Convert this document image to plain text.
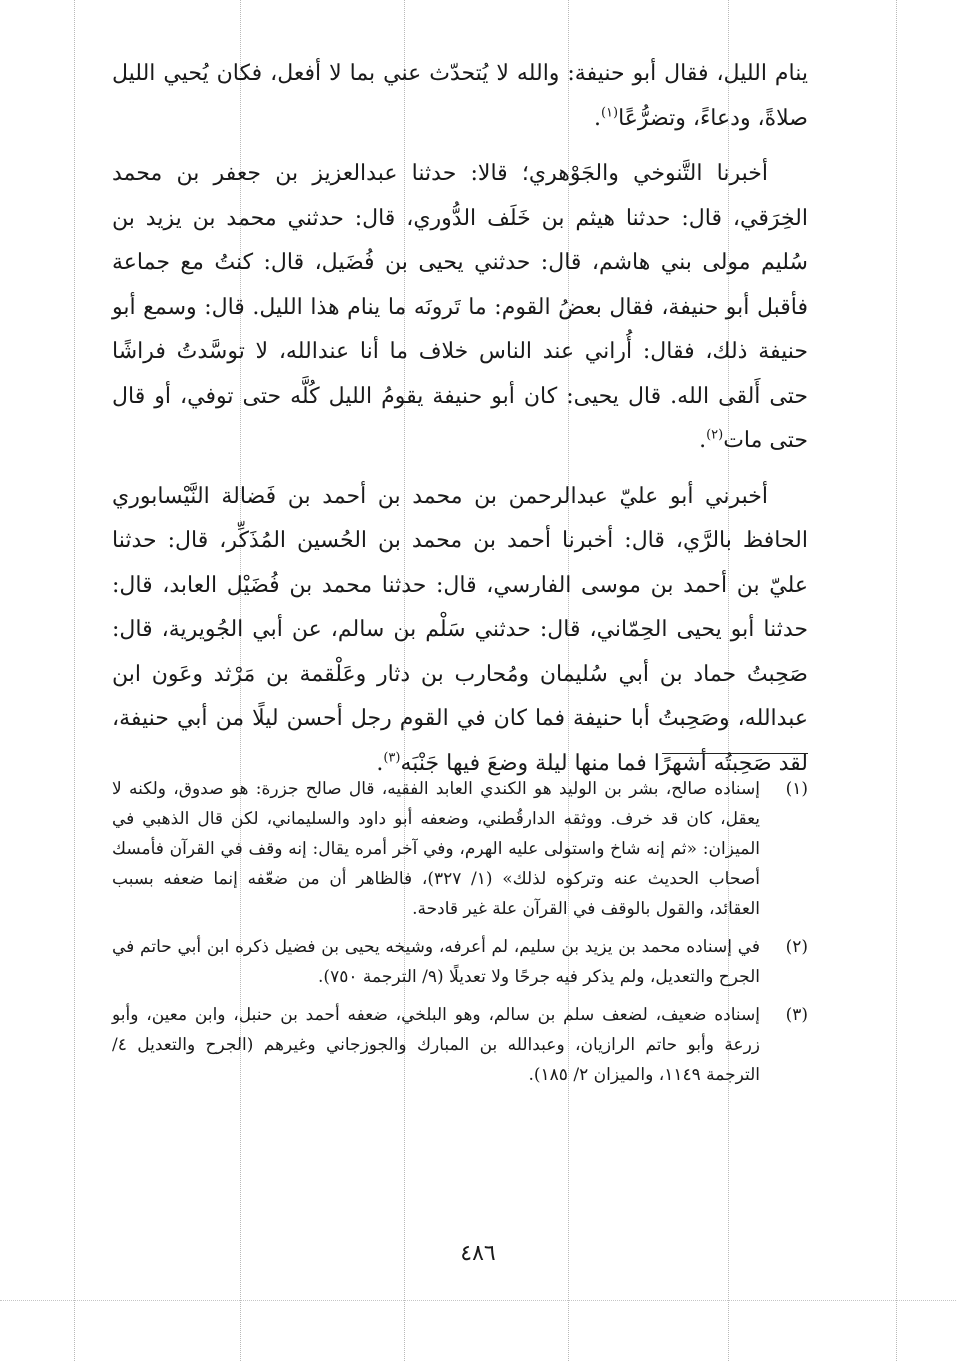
ينام الليل، فقال أبو حنيفة: والله لا يُتحدّث عني بما لا أفعل، فكان يُحيي الليل صلاةً، ودعاءً، وتضرُّعًا$^{(١)}$.

أخبرنا التَّنوخي والجَوْهري؛ قالا: حدثنا عبدالعزيز بن جعفر بن محمد الخِرَقي، قال: حدثنا هيثم بن خَلَف الدُّوري، قال: حدثني محمد بن يزيد بن سُليم مولى بني هاشم، قال: حدثني يحيى بن فُضَيل، قال: كنتُ مع جماعة فأقبل أبو حنيفة، فقال بعضُ القوم: ما تَرونَه ما ينام هذا الليل. قال: وسمع أبو حنيفة ذلك، فقال: أُراني عند الناس خلاف ما أنا عندالله، لا توسَّدتُ فراشًا حتى أَلقى الله. قال يحيى: كان أبو حنيفة يقومُ الليل كُلَّه حتى توفي، أو قال حتى مات$^{(٢)}$.

أخبرني أبو عليّ عبدالرحمن بن محمد بن أحمد بن فَضالة النَّيْسابوري الحافظ بالرَّي، قال: أخبرنا أحمد بن محمد بن الحُسين المُذَكِّر، قال: حدثنا عليّ بن أحمد بن موسى الفارسي، قال: حدثنا محمد بن فُضَيْل العابد، قال: حدثنا أبو يحيى الحِمّاني، قال: حدثني سَلْم بن سالم، عن أبي الجُويرية، قال: صَحِبتُ حماد بن أبي سُليمان ومُحارب بن دثار وعَلْقمة بن مَرْثد وعَون ابن عبدالله، وصَحِبتُ أبا حنيفة فما كان في القوم رجل أحسن ليلًا من أبي حنيفة، لقد صَحِبتُه أشهرًا فما منها ليلة وضعَ فيها جَنْبَه$^{(٣)}$.

(١)
إسناده صالح، بشر بن الوليد هو الكندي العابد الفقيه، قال صالح جزرة: هو صدوق، ولكنه لا يعقل، كان قد خرف. ووثقه الدارقُطني، وضعفه أبو داود والسليماني، لكن قال الذهبي في الميزان: «ثم إنه شاخ واستولى عليه الهرم، وفي آخر أمره يقال: إنه وقف في القرآن فأمسك أصحاب الحديث عنه وتركوه لذلك» (١/ ٣٢٧)، فالظاهر أن من ضعّفه إنما ضعفه بسبب العقائد، والقول بالوقف في القرآن علة غير قادحة.
(٢)
في إسناده محمد بن يزيد بن سليم، لم أعرفه، وشيخه يحيى بن فضيل ذكره ابن أبي حاتم في الجرح والتعديل، ولم يذكر فيه جرحًا ولا تعديلًا (٩/ الترجمة ٧٥٠).
(٣)
إسناده ضعيف، لضعف سلم بن سالم، وهو البلخي، ضعفه أحمد بن حنبل، وابن معين، وأبو زرعة وأبو حاتم الرازيان، وعبدالله بن المبارك والجوزجاني وغيرهم (الجرح والتعديل ٤/ الترجمة ١١٤٩، والميزان ٢/ ١٨٥).
٤٨٦
